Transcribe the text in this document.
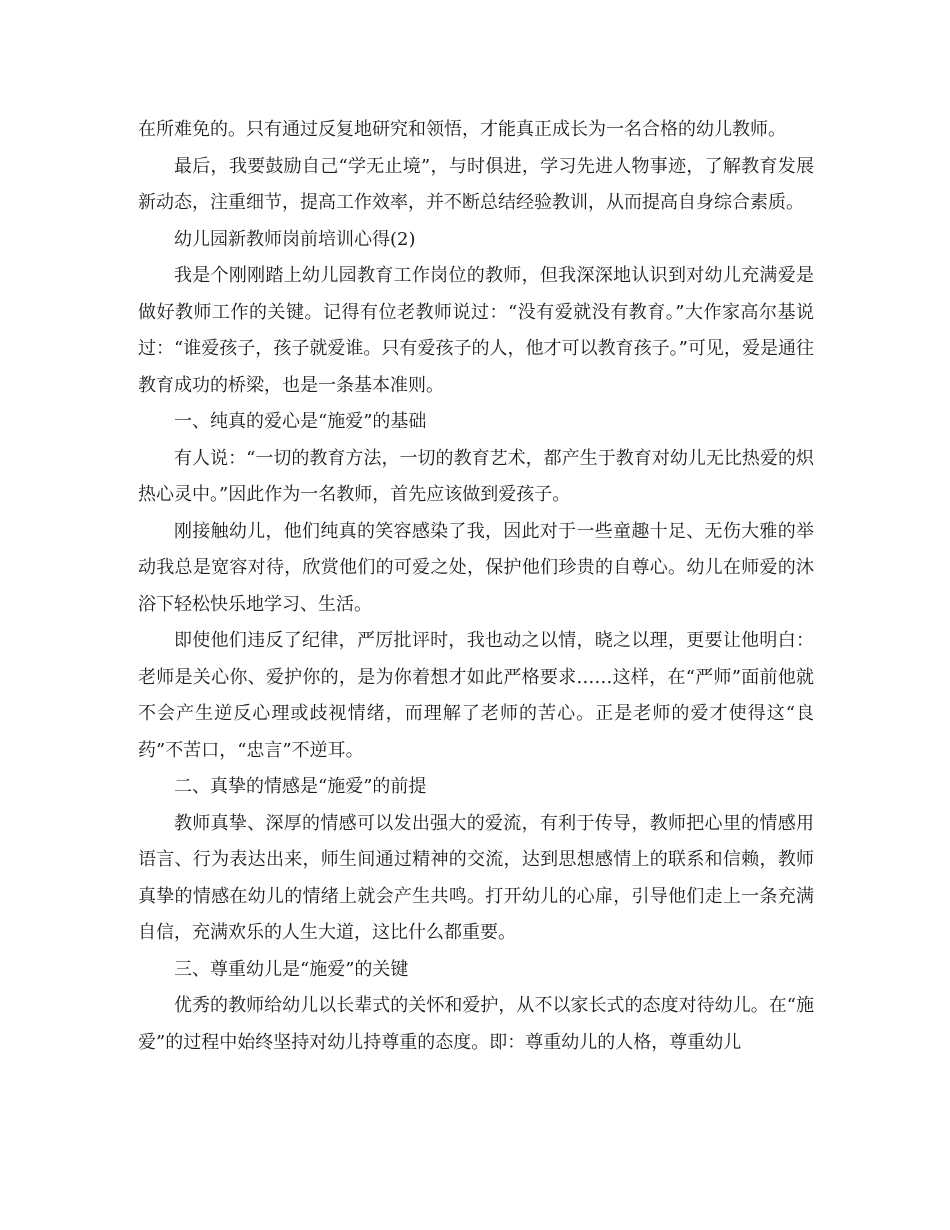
在所难免的。只有通过反复地研究和领悟，才能真正成长为一名合格的幼儿教师。

最后，我要鼓励自己“学无止境”，与时俱进，学习先进人物事迹，了解教育发展新动态，注重细节，提高工作效率，并不断总结经验教训，从而提高自身综合素质。

幼儿园新教师岗前培训心得(2)

我是个刚刚踏上幼儿园教育工作岗位的教师，但我深深地认识到对幼儿充满爱是做好教师工作的关键。记得有位老教师说过：“没有爱就没有教育。”大作家高尔基说过：“谁爱孩子，孩子就爱谁。只有爱孩子的人，他才可以教育孩子。”可见，爱是通往教育成功的桥梁，也是一条基本准则。

一、纯真的爱心是“施爱”的基础

有人说：“一切的教育方法，一切的教育艺术，都产生于教育对幼儿无比热爱的炽热心灵中。”因此作为一名教师，首先应该做到爱孩子。

刚接触幼儿，他们纯真的笑容感染了我，因此对于一些童趣十足、无伤大雅的举动我总是宽容对待，欣赏他们的可爱之处，保护他们珍贵的自尊心。幼儿在师爱的沐浴下轻松快乐地学习、生活。

即使他们违反了纪律，严厉批评时，我也动之以情，晓之以理，更要让他明白：老师是关心你、爱护你的，是为你着想才如此严格要求……这样，在“严师”面前他就不会产生逆反心理或歧视情绪，而理解了老师的苦心。正是老师的爱才使得这“良药”不苦口，“忠言”不逆耳。

二、真挚的情感是“施爱”的前提

教师真挚、深厚的情感可以发出强大的爱流，有利于传导，教师把心里的情感用语言、行为表达出来，师生间通过精神的交流，达到思想感情上的联系和信赖，教师真挚的情感在幼儿的情绪上就会产生共鸣。打开幼儿的心扉，引导他们走上一条充满自信，充满欢乐的人生大道，这比什么都重要。

三、尊重幼儿是“施爱”的关键

优秀的教师给幼儿以长辈式的关怀和爱护，从不以家长式的态度对待幼儿。在“施爱”的过程中始终坚持对幼儿持尊重的态度。即：尊重幼儿的人格，尊重幼儿
